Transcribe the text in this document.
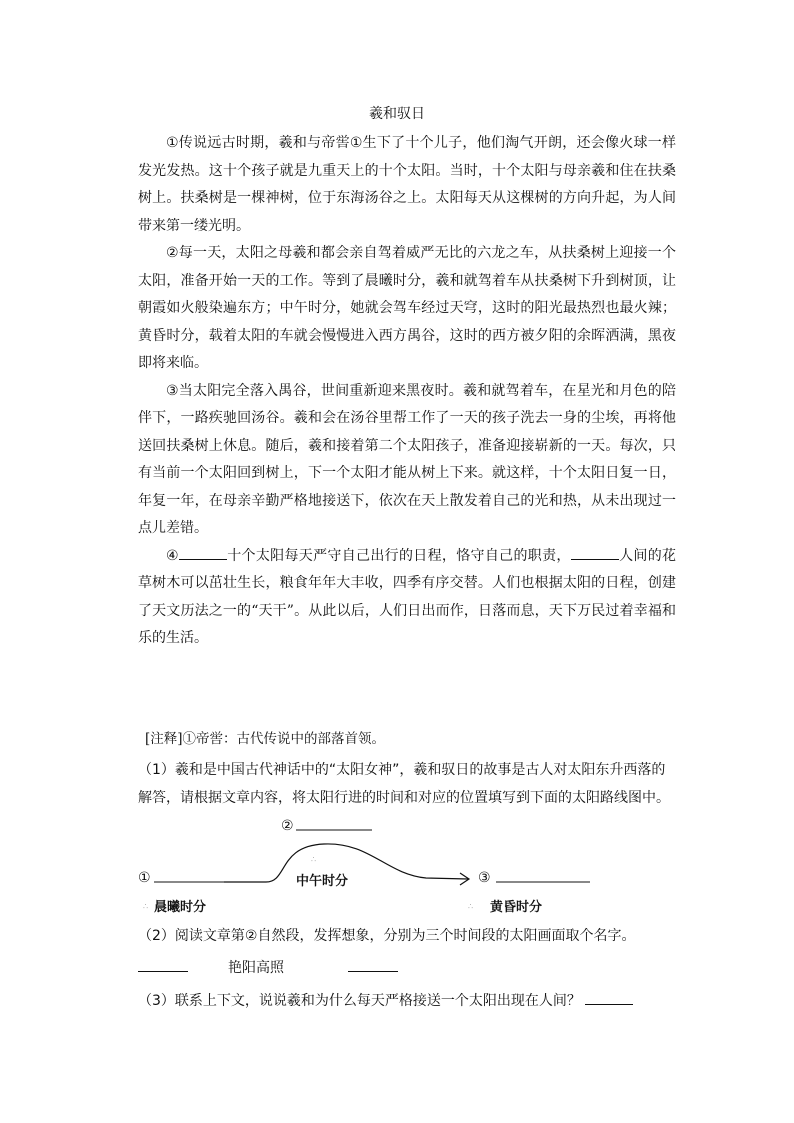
羲和驭日

①传说远古时期，羲和与帝喾①生下了十个儿子，他们淘气开朗，还会像火球一样发光发热。这十个孩子就是九重天上的十个太阳。当时，十个太阳与母亲羲和住在扶桑树上。扶桑树是一棵神树，位于东海汤谷之上。太阳每天从这棵树的方向升起，为人间带来第一缕光明。

②每一天，太阳之母羲和都会亲自驾着威严无比的六龙之车，从扶桑树上迎接一个太阳，准备开始一天的工作。等到了晨曦时分，羲和就驾着车从扶桑树下升到树顶，让朝霞如火般染遍东方；中午时分，她就会驾车经过天穹，这时的阳光最热烈也最火辣；黄昏时分，载着太阳的车就会慢慢进入西方禺谷，这时的西方被夕阳的余晖洒满，黑夜即将来临。

③当太阳完全落入禺谷，世间重新迎来黑夜时。羲和就驾着车，在星光和月色的陪伴下，一路疾驰回汤谷。羲和会在汤谷里帮工作了一天的孩子洗去一身的尘埃，再将他送回扶桑树上休息。随后，羲和接着第二个太阳孩子，准备迎接崭新的一天。每次，只有当前一个太阳回到树上，下一个太阳才能从树上下来。就这样，十个太阳日复一日，年复一年，在母亲辛勤严格地接送下，依次在天上散发着自己的光和热，从未出现过一点儿差错。

④	十个太阳每天严守自己出行的日程，恪守自己的职责，	人间的花草树木可以茁壮生长，粮食年年大丰收，四季有序交替。人们也根据太阳的日程，创建了天文历法之一的“天干”。从此以后，人们日出而作，日落而息，天下万民过着幸福和乐的生活。

[注释]①帝喾：古代传说中的部落首领。
（1）羲和是中国古代神话中的“太阳女神”，羲和驭日的故事是古人对太阳东升西落的解答，请根据文章内容，将太阳行进的时间和对应的位置填写到下面的太阳路线图中。
∴
∴	∴
②
①	③
中午时分
晨曦时分	黄昏时分
（2）阅读文章第②自然段，发挥想象，分别为三个时间段的太阳画面取个名字。
艳阳高照
（3）联系上下文，说说羲和为什么每天严格接送一个太阳出现在人间？
